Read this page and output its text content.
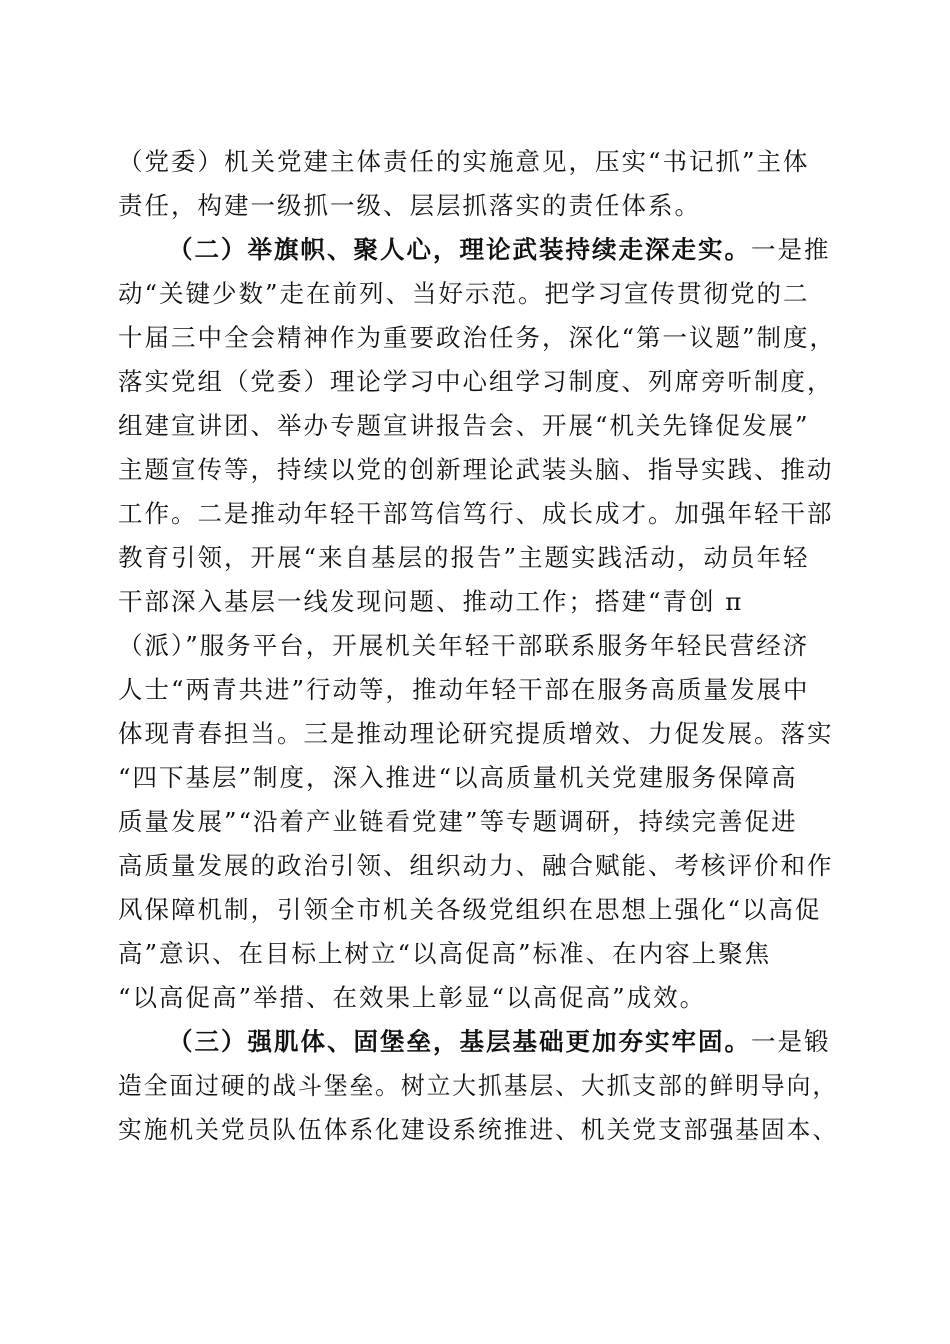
（党委）机关党建主体责任的实施意见，压实“书记抓”主体
责任，构建一级抓一级、层层抓落实的责任体系。
（二）举旗帜、聚人心，理论武装持续走深走实。一是推
动“关键少数”走在前列、当好示范。把学习宣传贯彻党的二
十届三中全会精神作为重要政治任务，深化“第一议题”制度，
落实党组（党委）理论学习中心组学习制度、列席旁听制度，
组建宣讲团、举办专题宣讲报告会、开展“机关先锋促发展”
主题宣传等，持续以党的创新理论武装头脑、指导实践、推动
工作。二是推动年轻干部笃信笃行、成长成才。加强年轻干部
教育引领，开展“来自基层的报告”主题实践活动，动员年轻
干部深入基层一线发现问题、推动工作；搭建“青创 π
（派）”服务平台，开展机关年轻干部联系服务年轻民营经济
人士“两青共进”行动等，推动年轻干部在服务高质量发展中
体现青春担当。三是推动理论研究提质增效、力促发展。落实
“四下基层”制度，深入推进“以高质量机关党建服务保障高
质量发展”“沿着产业链看党建”等专题调研，持续完善促进
高质量发展的政治引领、组织动力、融合赋能、考核评价和作
风保障机制，引领全市机关各级党组织在思想上强化“以高促
高”意识、在目标上树立“以高促高”标准、在内容上聚焦
“以高促高”举措、在效果上彰显“以高促高”成效。
（三）强肌体、固堡垒，基层基础更加夯实牢固。一是锻
造全面过硬的战斗堡垒。树立大抓基层、大抓支部的鲜明导向，
实施机关党员队伍体系化建设系统推进、机关党支部强基固本、
